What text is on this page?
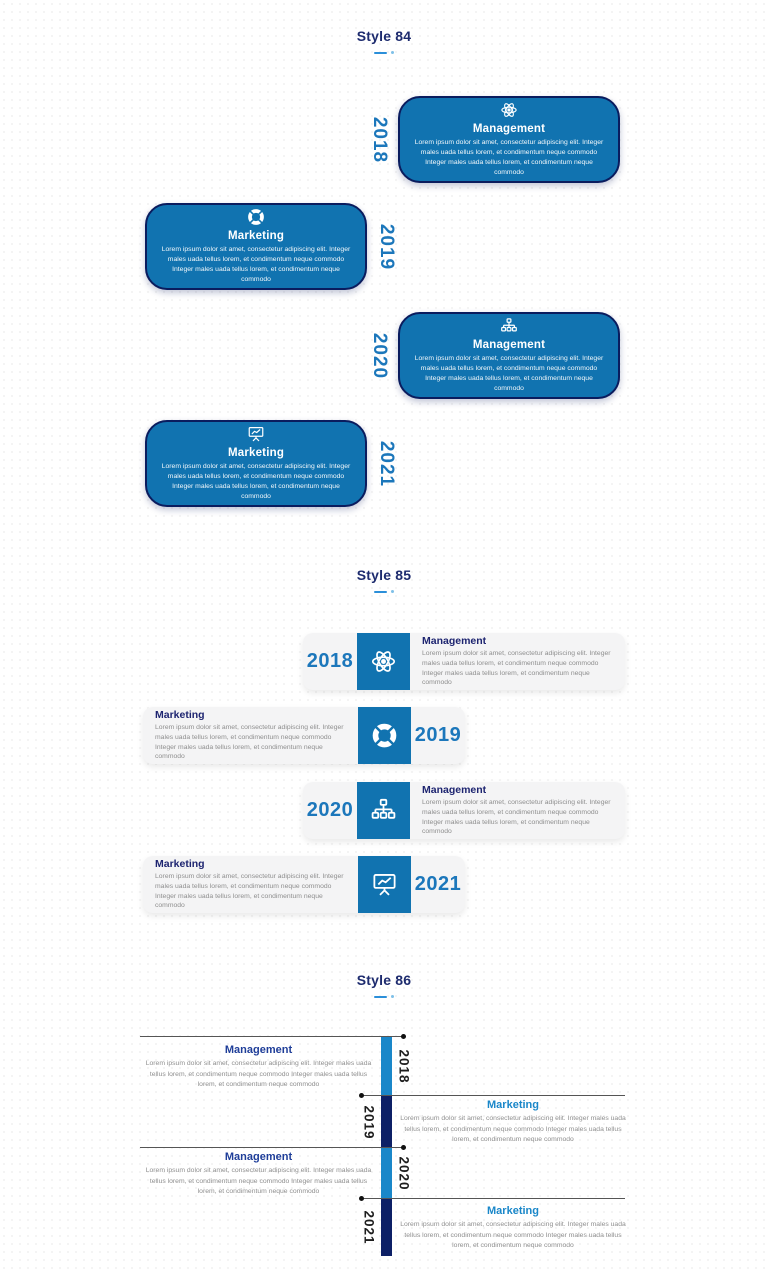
Style 84
2018	Management
Lorem ipsum dolor sit amet, consectetur adipiscing elit. Integer males uada tellus lorem, et condimentum neque commodo Integer males uada tellus lorem, et condimentum neque commodo
Marketing
Lorem ipsum dolor sit amet, consectetur adipiscing elit. Integer males uada tellus lorem, et condimentum neque commodo Integer males uada tellus lorem, et condimentum neque commodo
2019
2020	Management
Lorem ipsum dolor sit amet, consectetur adipiscing elit. Integer males uada tellus lorem, et condimentum neque commodo Integer males uada tellus lorem, et condimentum neque commodo
Marketing
Lorem ipsum dolor sit amet, consectetur adipiscing elit. Integer males uada tellus lorem, et condimentum neque commodo Integer males uada tellus lorem, et condimentum neque commodo
2021
Style 85
2018
Management
Lorem ipsum dolor sit amet, consectetur adipiscing elit. Integer males uada tellus lorem, et condimentum neque commodo Integer males uada tellus lorem, et condimentum neque commodo
Marketing
Lorem ipsum dolor sit amet, consectetur adipiscing elit. Integer males uada tellus lorem, et condimentum neque commodo Integer males uada tellus lorem, et condimentum neque commodo
2019
2020
Management
Lorem ipsum dolor sit amet, consectetur adipiscing elit. Integer males uada tellus lorem, et condimentum neque commodo Integer males uada tellus lorem, et condimentum neque commodo
Marketing
Lorem ipsum dolor sit amet, consectetur adipiscing elit. Integer males uada tellus lorem, et condimentum neque commodo Integer males uada tellus lorem, et condimentum neque commodo
2021
Style 86
2018
2019
2020
2021
Management
Lorem ipsum dolor sit amet, consectetur adipiscing elit. Integer males uada tellus lorem, et condimentum neque commodo Integer males uada tellus lorem, et condimentum neque commodo
Marketing
Lorem ipsum dolor sit amet, consectetur adipiscing elit. Integer males uada tellus lorem, et condimentum neque commodo Integer males uada tellus lorem, et condimentum neque commodo
Management
Lorem ipsum dolor sit amet, consectetur adipiscing elit. Integer males uada tellus lorem, et condimentum neque commodo Integer males uada tellus lorem, et condimentum neque commodo
Marketing
Lorem ipsum dolor sit amet, consectetur adipiscing elit. Integer males uada tellus lorem, et condimentum neque commodo Integer males uada tellus lorem, et condimentum neque commodo
